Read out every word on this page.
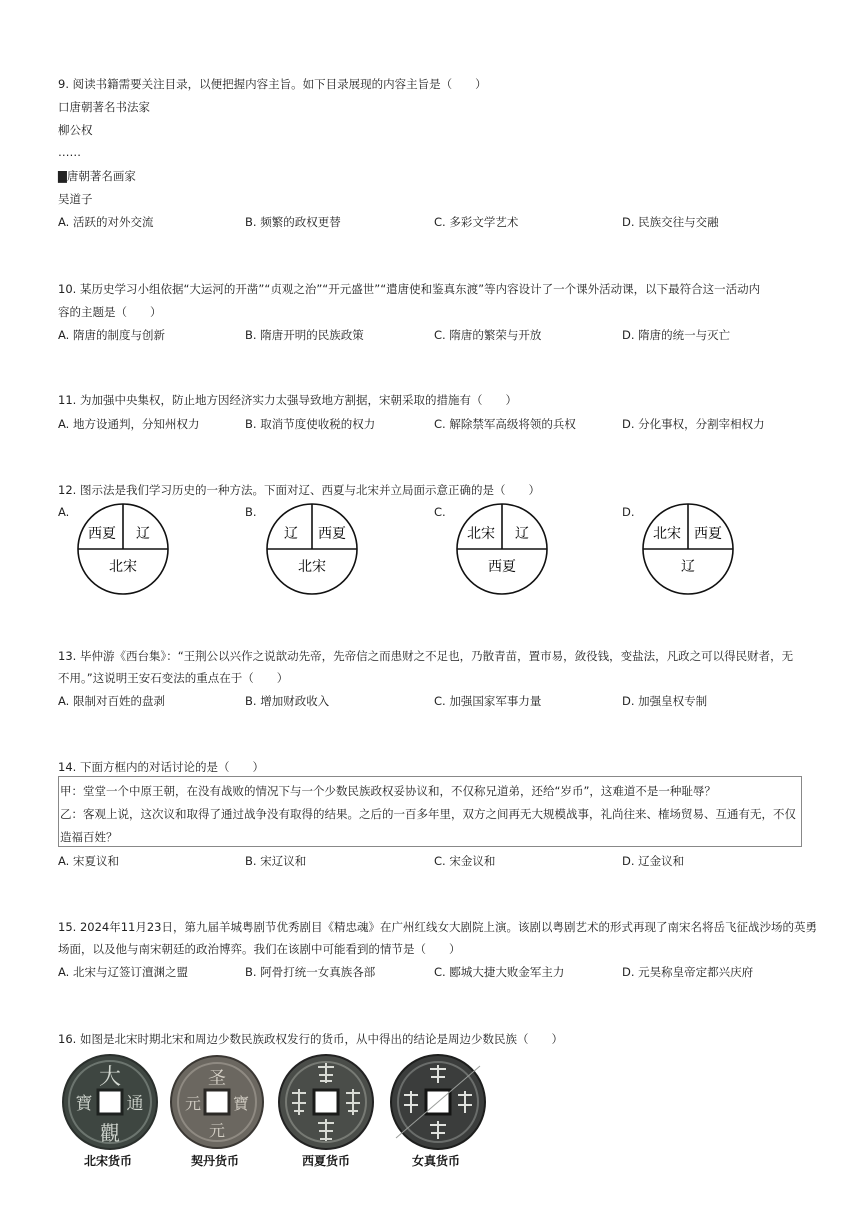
9. 阅读书籍需要关注目录，以便把握内容主旨。如下目录展现的内容主旨是（　　）
口唐朝著名书法家
柳公权
……
▇唐朝著名画家
吴道子
A. 活跃的对外交流	B. 频繁的政权更替	C. 多彩文学艺术	D. 民族交往与交融
10. 某历史学习小组依据“大运河的开凿”“贞观之治”“开元盛世”“遣唐使和鉴真东渡”等内容设计了一个课外活动课，以下最符合这一活动内
容的主题是（　　）
A. 隋唐的制度与创新	B. 隋唐开明的民族政策	C. 隋唐的繁荣与开放	D. 隋唐的统一与灭亡
11. 为加强中央集权，防止地方因经济实力太强导致地方割据，宋朝采取的措施有（　　）
A. 地方设通判，分知州权力	B. 取消节度使收税的权力	C. 解除禁军高级将领的兵权	D. 分化事权，分割宰相权力
12. 图示法是我们学习历史的一种方法。下面对辽、西夏与北宋并立局面示意正确的是（　　）
A.
西夏 辽
北宋
B.
辽 西夏
北宋
C.
北宋 辽
西夏
D.
北宋 西夏
辽
13. 毕仲游《西台集》：“王荆公以兴作之说歆动先帝，先帝信之而患财之不足也，乃散青苗，置市易，敛役钱，变盐法，凡政之可以得民财者，无
不用。”这说明王安石变法的重点在于（　　）
A. 限制对百姓的盘剥	B. 增加财政收入	C. 加强国家军事力量	D. 加强皇权专制
14. 下面方框内的对话讨论的是（　　）
甲：堂堂一个中原王朝，在没有战败的情况下与一个少数民族政权妥协议和，不仅称兄道弟，还给“岁币”，这难道不是一种耻辱？
乙：客观上说，这次议和取得了通过战争没有取得的结果。之后的一百多年里，双方之间再无大规模战事，礼尚往来、榷场贸易、互通有无，不仅
造福百姓？
A. 宋夏议和	B. 宋辽议和	C. 宋金议和	D. 辽金议和
15. 2024年11月23日，第九届羊城粤剧节优秀剧目《精忠魂》在广州红线女大剧院上演。该剧以粤剧艺术的形式再现了南宋名将岳飞征战沙场的英勇
场面，以及他与南宋朝廷的政治博弈。我们在该剧中可能看到的情节是（　　）
A. 北宋与辽签订澶渊之盟	B. 阿骨打统一女真族各部	C. 郾城大捷大败金军主力	D. 元昊称皇帝定都兴庆府
16. 如图是北宋时期北宋和周边少数民族政权发行的货币，从中得出的结论是周边少数民族（　　）
大
通
觀
寶
北宋货币
圣
寶
元
元
契丹货币	西夏货币	女真货币
